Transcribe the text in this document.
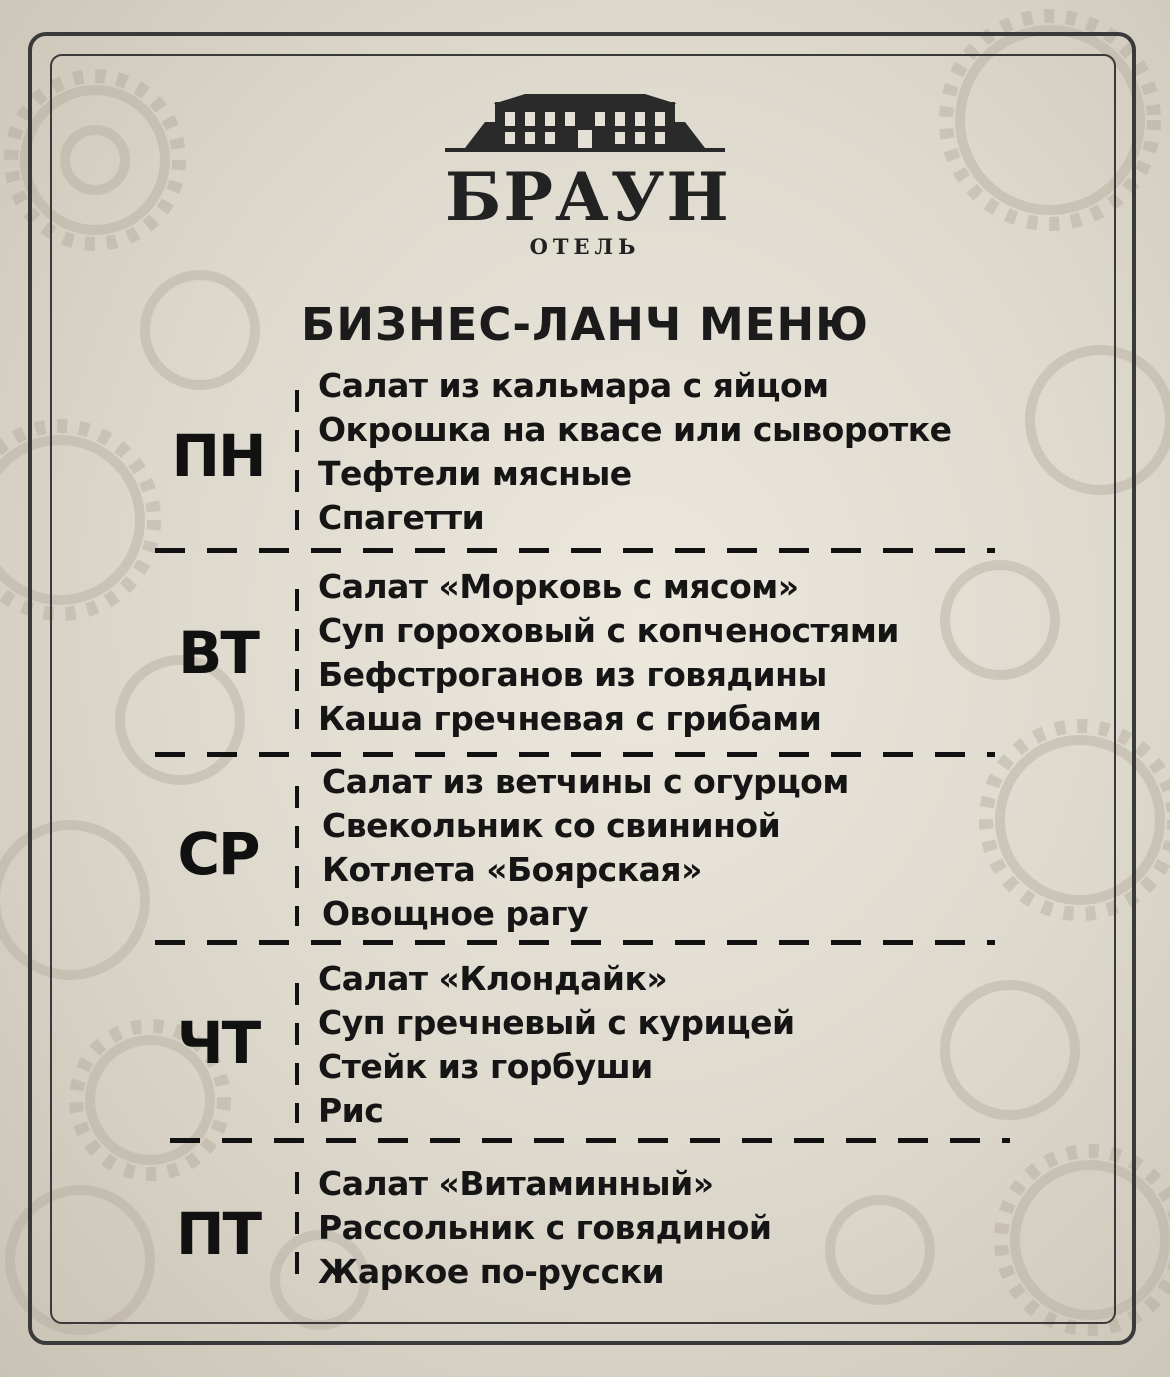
БРАУН
ОТЕЛЬ
БИЗНЕС-ЛАНЧ МЕНЮ
ПН
Салат из кальмара с яйцом
Окрошка на квасе или сыворотке
Тефтели мясные
Спагетти
ВТ
Салат «Морковь с мясом»
Суп гороховый с копченостями
Бефстроганов из говядины
Каша гречневая с грибами
СР
Салат из ветчины с огурцом
Свекольник со свининой
Котлета «Боярская»
Овощное рагу
ЧТ
Салат «Клондайк»
Суп гречневый с курицей
Стейк из горбуши
Рис
ПТ
Салат «Витаминный»
Рассольник с говядиной
Жаркое по-русски
